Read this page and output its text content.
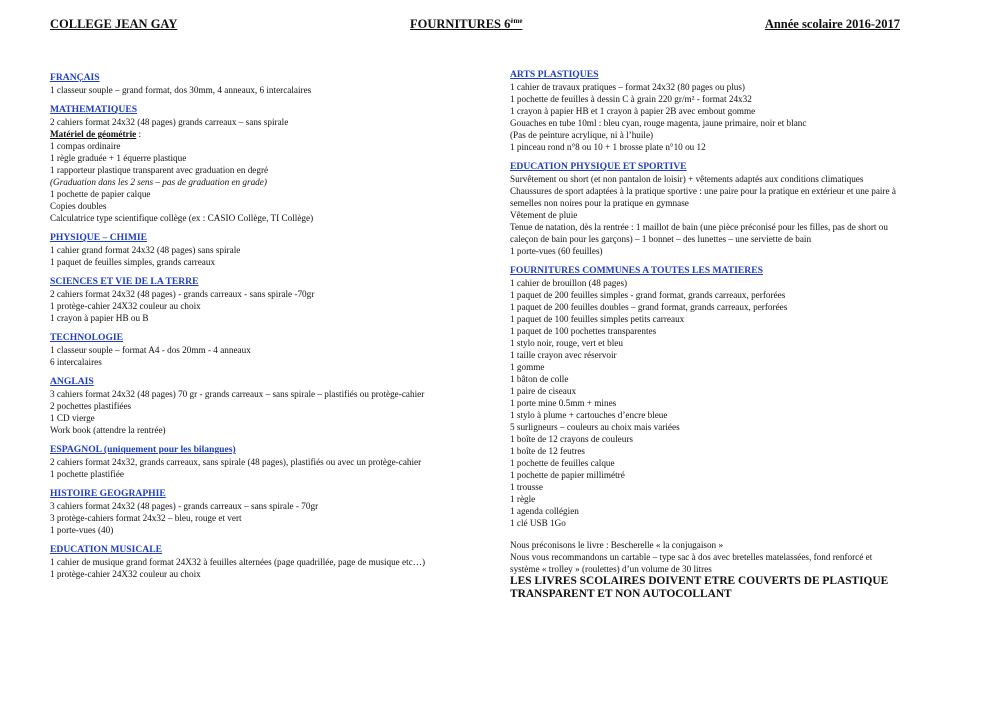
COLLEGE JEAN GAY	FOURNITURES 6ème	Année scolaire 2016-2017
FRANÇAIS
1 classeur souple – grand format, dos 30mm, 4 anneaux, 6 intercalaires
MATHEMATIQUES
2 cahiers format 24x32 (48 pages) grands carreaux – sans spirale
Matériel de géométrie :
1 compas ordinaire
1 règle graduée + 1 équerre plastique
1 rapporteur plastique transparent avec graduation en degré
(Graduation dans les 2 sens – pas de graduation en grade)
1 pochette de papier calque
Copies doubles
Calculatrice type scientifique collège (ex : CASIO Collège, TI Collège)
PHYSIQUE – CHIMIE
1 cahier grand format 24x32 (48 pages) sans spirale
1 paquet de feuilles simples, grands carreaux
SCIENCES ET VIE DE LA TERRE
2 cahiers format 24x32 (48 pages) - grands carreaux - sans spirale -70gr
1 protège-cahier 24X32 couleur au choix
1 crayon à papier HB ou B
TECHNOLOGIE
1 classeur souple – format A4 - dos 20mm - 4 anneaux
6 intercalaires
ANGLAIS
3 cahiers format 24x32 (48 pages) 70 gr - grands carreaux – sans spirale – plastifiés ou protège-cahier
2 pochettes plastifiées
1 CD vierge
Work book (attendre la rentrée)
ESPAGNOL (uniquement pour les bilangues)
2 cahiers format 24x32, grands carreaux, sans spirale (48 pages), plastifiés ou avec un protège-cahier
1 pochette plastifiée
HISTOIRE GEOGRAPHIE
3 cahiers format 24x32 (48 pages) - grands carreaux – sans spirale - 70gr
3 protège-cahiers format 24x32 – bleu, rouge et vert
1 porte-vues (40)
EDUCATION MUSICALE
1 cahier de musique grand format 24X32 à feuilles alternées (page quadrillée, page de musique etc…)
1 protège-cahier 24X32 couleur au choix
ARTS PLASTIQUES
1 cahier de travaux pratiques – format 24x32 (80 pages ou plus)
1 pochette de feuilles à dessin C à grain 220 gr/m² - format 24x32
1 crayon à papier HB et 1 crayon à papier 2B avec embout gomme
Gouaches en tube 10ml : bleu cyan, rouge magenta, jaune primaire, noir et blanc
(Pas de peinture acrylique, ni à l’huile)
1 pinceau rond n°8 ou 10 + 1 brosse plate n°10 ou 12
EDUCATION PHYSIQUE ET SPORTIVE
Survêtement ou short (et non pantalon de loisir) + vêtements adaptés aux conditions climatiques
Chaussures de sport adaptées à la pratique sportive : une paire pour la pratique en extérieur et une paire à
semelles non noires pour la pratique en gymnase
Vêtement de pluie
Tenue de natation, dès la rentrée : 1 maillot de bain (une pièce préconisé pour les filles, pas de short ou
caleçon de bain pour les garçons) – 1 bonnet – des lunettes – une serviette de bain
1 porte-vues (60 feuilles)
FOURNITURES COMMUNES A TOUTES LES MATIERES
1 cahier de brouillon (48 pages)
1 paquet de 200 feuilles simples - grand format, grands carreaux, perforées
1 paquet de 200 feuilles doubles – grand format, grands carreaux, perforées
1 paquet de 100 feuilles simples petits carreaux
1 paquet de 100 pochettes transparentes
1 stylo noir, rouge, vert et bleu
1 taille crayon avec réservoir
1 gomme
1 bâton de colle
1 paire de ciseaux
1 porte mine 0.5mm + mines
1 stylo à plume + cartouches d’encre bleue
5 surligneurs – couleurs au choix mais variées
1 boîte de 12 crayons de couleurs
1 boîte de 12 feutres
1 pochette de feuilles calque
1 pochette de papier millimétré
1 trousse
1 règle
1 agenda collégien
1 clé USB 1Go
Nous préconisons le livre : Bescherelle « la conjugaison »
Nous vous recommandons un cartable – type sac à dos avec bretelles matelassées, fond renforcé et
système « trolley » (roulettes) d’un volume de 30 litres
LES LIVRES SCOLAIRES DOIVENT ETRE COUVERTS DE PLASTIQUE
TRANSPARENT ET NON AUTOCOLLANT
